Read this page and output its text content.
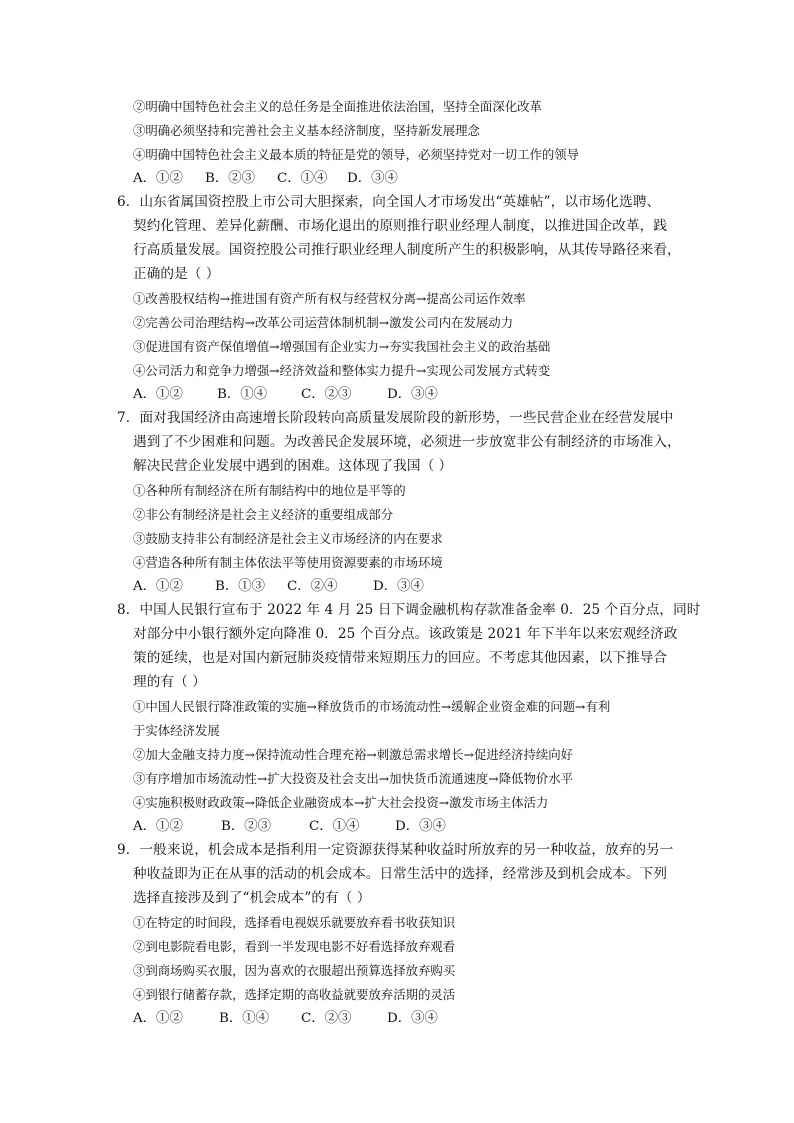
②明确中国特色社会主义的总任务是全面推进依法治国，坚持全面深化改革
③明确必须坚持和完善社会主义基本经济制度，坚持新发展理念
④明确中国特色社会主义最本质的特征是党的领导，必须坚持党对一切工作的领导
A．①② B．②③ C．①④ D．③④
6．山东省属国资控股上市公司大胆探索，向全国人才市场发出“英雄帖”，以市场化选聘、
契约化管理、差异化薪酬、市场化退出的原则推行职业经理人制度，以推进国企改革，践
行高质量发展。国资控股公司推行职业经理人制度所产生的积极影响，从其传导路径来看，
正确的是（ ）
①改善股权结构→推进国有资产所有权与经营权分离→提高公司运作效率
②完善公司治理结构→改革公司运营体制机制→激发公司内在发展动力
③促进国有资产保值增值→增强国有企业实力→夯实我国社会主义的政治基础
④公司活力和竞争力增强→经济效益和整体实力提升→实现公司发展方式转变
A．①②	B．①④	C．②③	D．③④
7．面对我国经济由高速增长阶段转向高质量发展阶段的新形势，一些民营企业在经营发展中
遇到了不少困难和问题。为改善民企发展环境，必须进一步放宽非公有制经济的市场准入，
解决民营企业发展中遇到的困难。这体现了我国（ ）
①各种所有制经济在所有制结构中的地位是平等的
②非公有制经济是社会主义经济的重要组成部分
③鼓励支持非公有制经济是社会主义市场经济的内在要求
④营造各种所有制主体依法平等使用资源要素的市场环境
A．①② B．①③ C．②④	D．③④
8．中国人民银行宣布于 2022 年 4 月 25 日下调金融机构存款准备金率 0．25 个百分点，同时
对部分中小银行额外定向降准 0．25 个百分点。该政策是 2021 年下半年以来宏观经济政
策的延续，也是对国内新冠肺炎疫情带来短期压力的回应。不考虑其他因素，以下推导合
理的有（ ）
①中国人民银行降准政策的实施→释放货币的市场流动性→缓解企业资金难的问题→有利
于实体经济发展
②加大金融支持力度→保持流动性合理充裕→刺激总需求增长→促进经济持续向好
③有序增加市场流动性→扩大投资及社会支出→加快货币流通速度→降低物价水平
④实施积极财政政策→降低企业融资成本→扩大社会投资→激发市场主体活力
A．①②	B．②③	C．①④	D．③④
9．一般来说，机会成本是指利用一定资源获得某种收益时所放弃的另一种收益，放弃的另一
种收益即为正在从事的活动的机会成本。日常生活中的选择，经常涉及到机会成本。下列
选择直接涉及到了“机会成本”的有（ ）
①在特定的时间段，选择看电视娱乐就要放弃看书收获知识
②到电影院看电影，看到一半发现电影不好看选择放弃观看
③到商场购买衣服，因为喜欢的衣服超出预算选择放弃购买
④到银行储蓄存款，选择定期的高收益就要放弃活期的灵活
A．①②	B．①④ C．②③	D．③④
